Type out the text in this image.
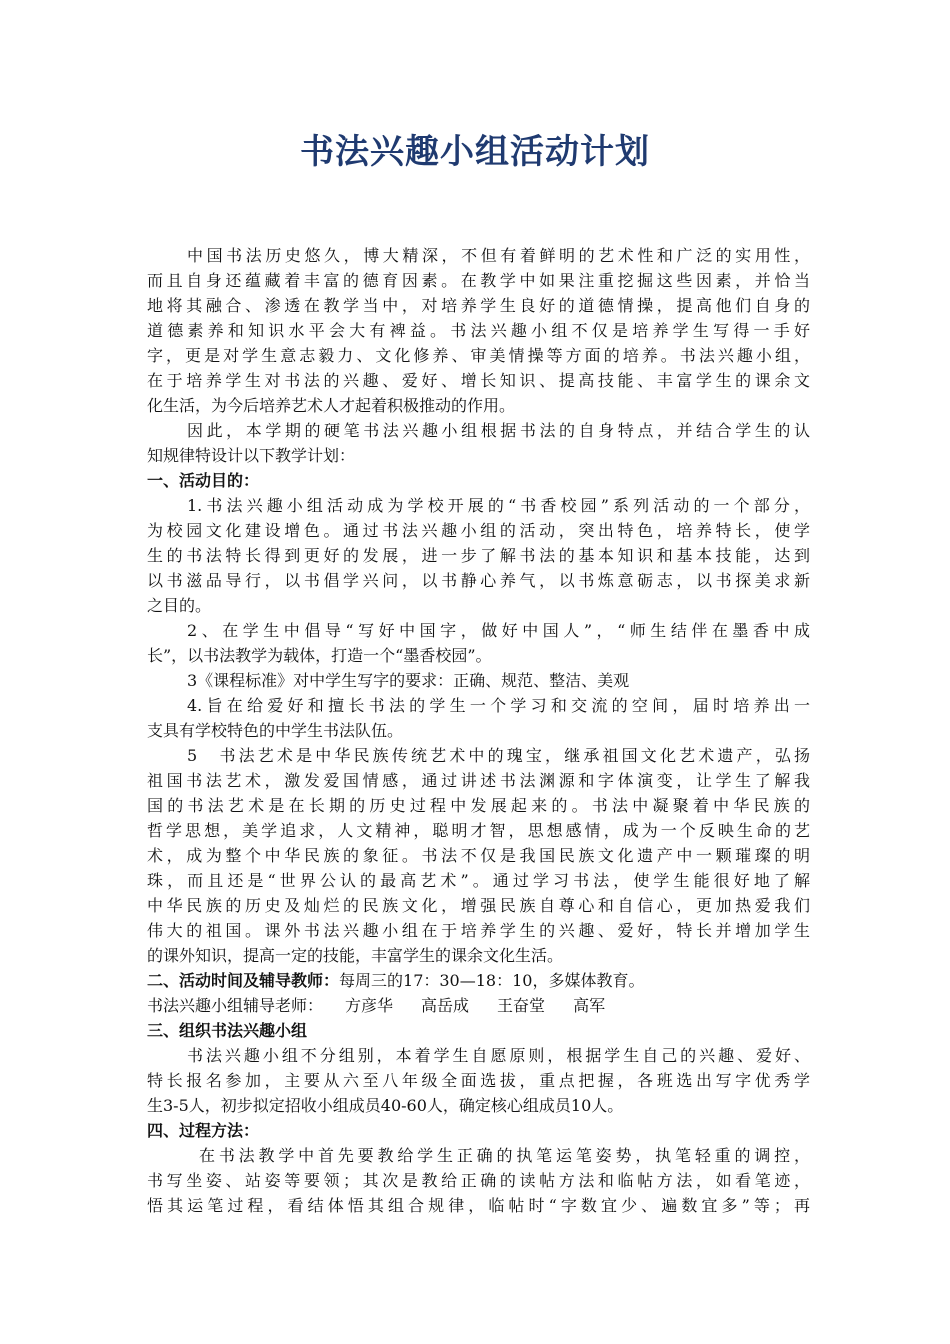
书法兴趣小组活动计划
中国书法历史悠久，博大精深，不但有着鲜明的艺术性和广泛的实用性，
而且自身还蕴藏着丰富的德育因素。在教学中如果注重挖掘这些因素，并恰当
地将其融合、渗透在教学当中，对培养学生良好的道德情操，提高他们自身的
道德素养和知识水平会大有裨益。书法兴趣小组不仅是培养学生写得一手好
字，更是对学生意志毅力、文化修养、审美情操等方面的培养。书法兴趣小组，
在于培养学生对书法的兴趣、爱好、增长知识、提高技能、丰富学生的课余文
化生活，为今后培养艺术人才起着积极推动的作用。
因此，本学期的硬笔书法兴趣小组根据书法的自身特点，并结合学生的认
知规律特设计以下教学计划：
一、活动目的：
1.书法兴趣小组活动成为学校开展的“书香校园”系列活动的一个部分，
为校园文化建设增色。通过书法兴趣小组的活动，突出特色，培养特长，使学
生的书法特长得到更好的发展，进一步了解书法的基本知识和基本技能，达到
以书滋品导行，以书倡学兴问，以书静心养气，以书炼意砺志，以书探美求新
之目的。
2、在学生中倡导“写好中国字，做好中国人”，“师生结伴在墨香中成
长”，以书法教学为载体，打造一个“墨香校园”。
3《课程标准》对中学生写字的要求：正确、规范、整洁、美观
4.旨在给爱好和擅长书法的学生一个学习和交流的空间，届时培养出一
支具有学校特色的中学生书法队伍。
5　书法艺术是中华民族传统艺术中的瑰宝，继承祖国文化艺术遗产，弘扬
祖国书法艺术，激发爱国情感，通过讲述书法渊源和字体演变，让学生了解我
国的书法艺术是在长期的历史过程中发展起来的。书法中凝聚着中华民族的
哲学思想，美学追求，人文精神，聪明才智，思想感情，成为一个反映生命的艺
术，成为整个中华民族的象征。书法不仅是我国民族文化遗产中一颗璀璨的明
珠，而且还是“世界公认的最高艺术”。通过学习书法，使学生能很好地了解
中华民族的历史及灿烂的民族文化，增强民族自尊心和自信心，更加热爱我们
伟大的祖国。课外书法兴趣小组在于培养学生的兴趣、爱好，特长并增加学生
的课外知识，提高一定的技能，丰富学生的课余文化生活。
二、活动时间及辅导教师：每周三的17：30—18：10，多媒体教育。
书法兴趣小组辅导老师： 方彦华 高岳成 王奋堂 高军
三、组织书法兴趣小组
书法兴趣小组不分组别，本着学生自愿原则，根据学生自己的兴趣、爱好、
特长报名参加，主要从六至八年级全面选拔，重点把握，各班选出写字优秀学
生3-5人，初步拟定招收小组成员40-60人，确定核心组成员10人。
四、过程方法：
在书法教学中首先要教给学生正确的执笔运笔姿势，执笔轻重的调控，
书写坐姿、站姿等要领；其次是教给正确的读帖方法和临帖方法，如看笔迹，
悟其运笔过程，看结体悟其组合规律，临帖时“字数宜少、遍数宜多”等；再
